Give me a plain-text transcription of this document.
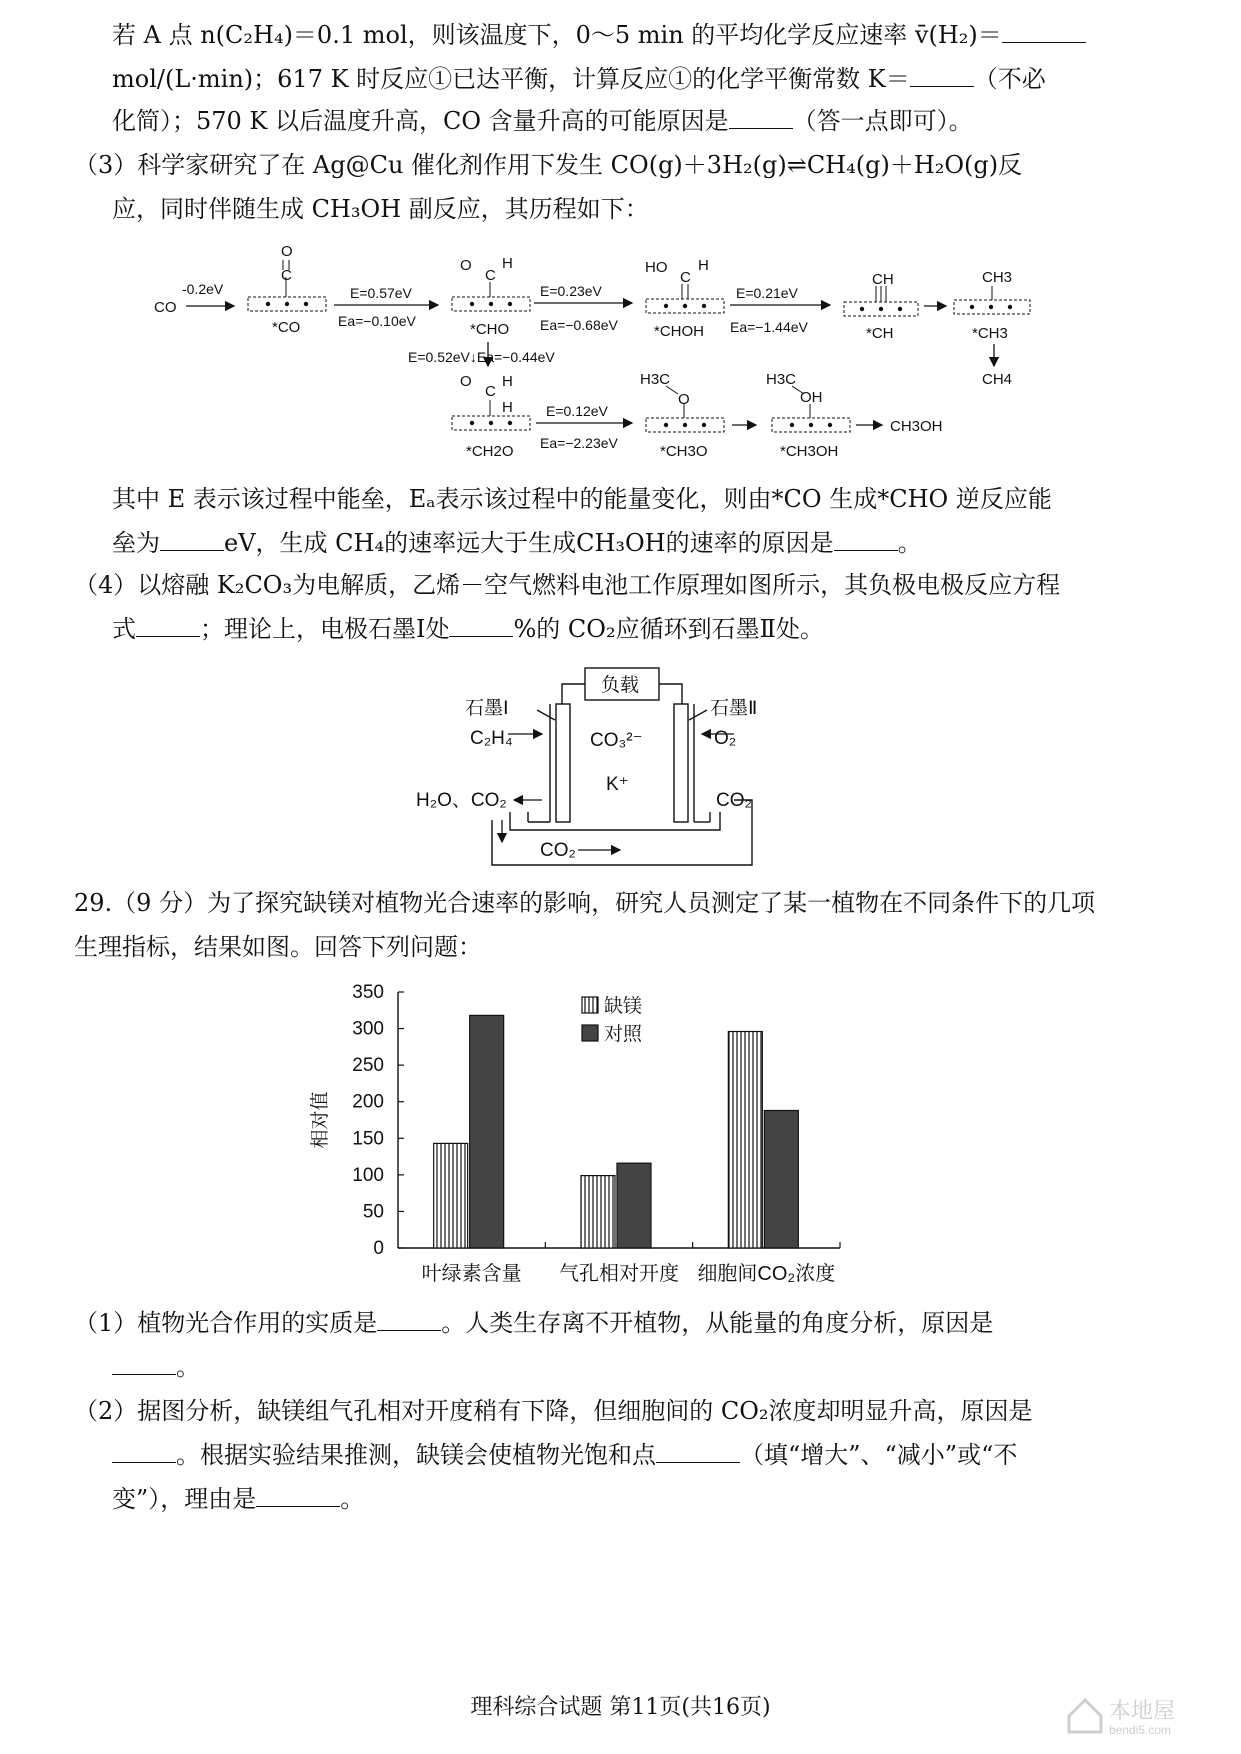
若 A 点 n(C₂H₄)＝0.1 mol，则该温度下，0～5 min 的平均化学反应速率 v̄(H₂)＝
mol/(L·min)；617 K 时反应①已达平衡，计算反应①的化学平衡常数 K＝	（不必
化简）；570 K 以后温度升高，CO 含量升高的可能原因是	（答一点即可）。
（3）科学家研究了在 Ag@Cu 催化剂作用下发生 CO(g)＋3H₂(g)⇌CH₄(g)＋H₂O(g)反
应，同时伴随生成 CH₃OH 副反应，其历程如下：
CO
-0.2eV
O
C
*CO
E=0.57eV
Ea=−0.10eV
O
C
H
*CHO
E=0.23eV
Ea=−0.68eV
HO
C
H
*CHOH
E=0.21eV
Ea=−1.44eV
CH
*CH
CH3
*CH3
CH4
E=0.52eV↓Ea=−0.44eV
O
C
H
H
*CH2O
E=0.12eV
Ea=−2.23eV
H3C
O
*CH3O
H3C
OH
*CH3OH
CH3OH
其中 E 表示该过程中能垒，Eₐ表示该过程中的能量变化，则由*CO 生成*CHO 逆反应能
垒为	eV，生成 CH₄的速率远大于生成CH₃OH的速率的原因是	。
（4）以熔融 K₂CO₃为电解质，乙烯－空气燃料电池工作原理如图所示，其负极电极反应方程
式	；理论上，电极石墨Ⅰ处	%的 CO₂应循环到石墨Ⅱ处。
负载
石墨Ⅰ	石墨Ⅱ
C₂H₄	CO₃²⁻	O₂
K⁺
H₂O、CO₂	CO₂
CO₂
29.（9 分）为了探究缺镁对植物光合速率的影响，研究人员测定了某一植物在不同条件下的几项
生理指标，结果如图。回答下列问题：
0
50
100
150
200
250
300
350
相对值
叶绿素含量 气孔相对开度 细胞间CO₂浓度
缺镁
对照
（1）植物光合作用的实质是	。人类生存离不开植物，从能量的角度分析，原因是
。
（2）据图分析，缺镁组气孔相对开度稍有下降，但细胞间的 CO₂浓度却明显升高，原因是
。根据实验结果推测，缺镁会使植物光饱和点	（填“增大”、“减小”或“不
变”），理由是	。
理科综合试题 第11页(共16页)	本地屋
bendi5.com
